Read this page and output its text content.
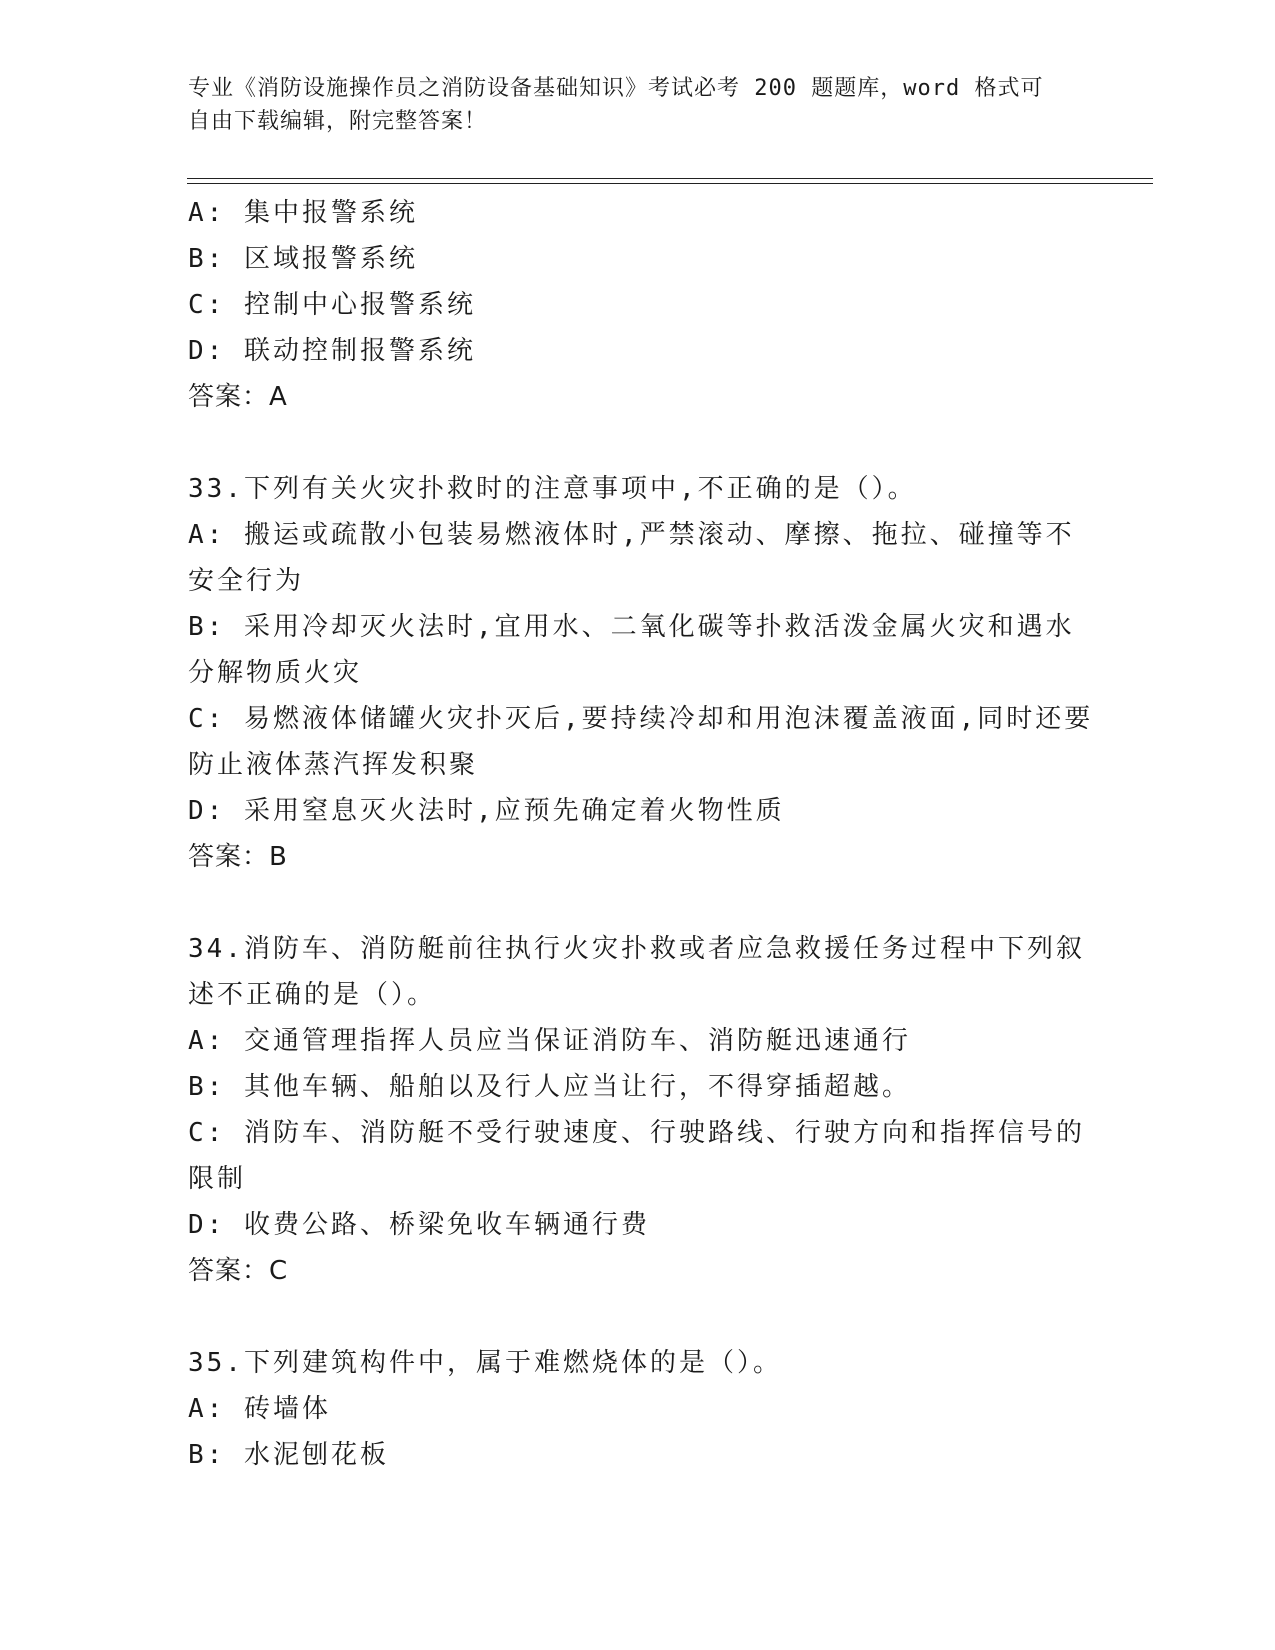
专业《消防设施操作员之消防设备基础知识》考试必考 200 题题库，word 格式可
自由下载编辑，附完整答案！
A: 集中报警系统
B: 区域报警系统
C: 控制中心报警系统
D: 联动控制报警系统
答案：A
33.下列有关火灾扑救时的注意事项中,不正确的是（）。
A: 搬运或疏散小包装易燃液体时,严禁滚动、摩擦、拖拉、碰撞等不
安全行为
B: 采用冷却灭火法时,宜用水、二氧化碳等扑救活泼金属火灾和遇水
分解物质火灾
C: 易燃液体储罐火灾扑灭后,要持续冷却和用泡沫覆盖液面,同时还要
防止液体蒸汽挥发积聚
D: 采用窒息灭火法时,应预先确定着火物性质
答案：B
34.消防车、消防艇前往执行火灾扑救或者应急救援任务过程中下列叙
述不正确的是（）。
A: 交通管理指挥人员应当保证消防车、消防艇迅速通行
B: 其他车辆、船舶以及行人应当让行，不得穿插超越。
C: 消防车、消防艇不受行驶速度、行驶路线、行驶方向和指挥信号的
限制
D: 收费公路、桥梁免收车辆通行费
答案：C
35.下列建筑构件中，属于难燃烧体的是（）。
A: 砖墙体
B: 水泥刨花板
